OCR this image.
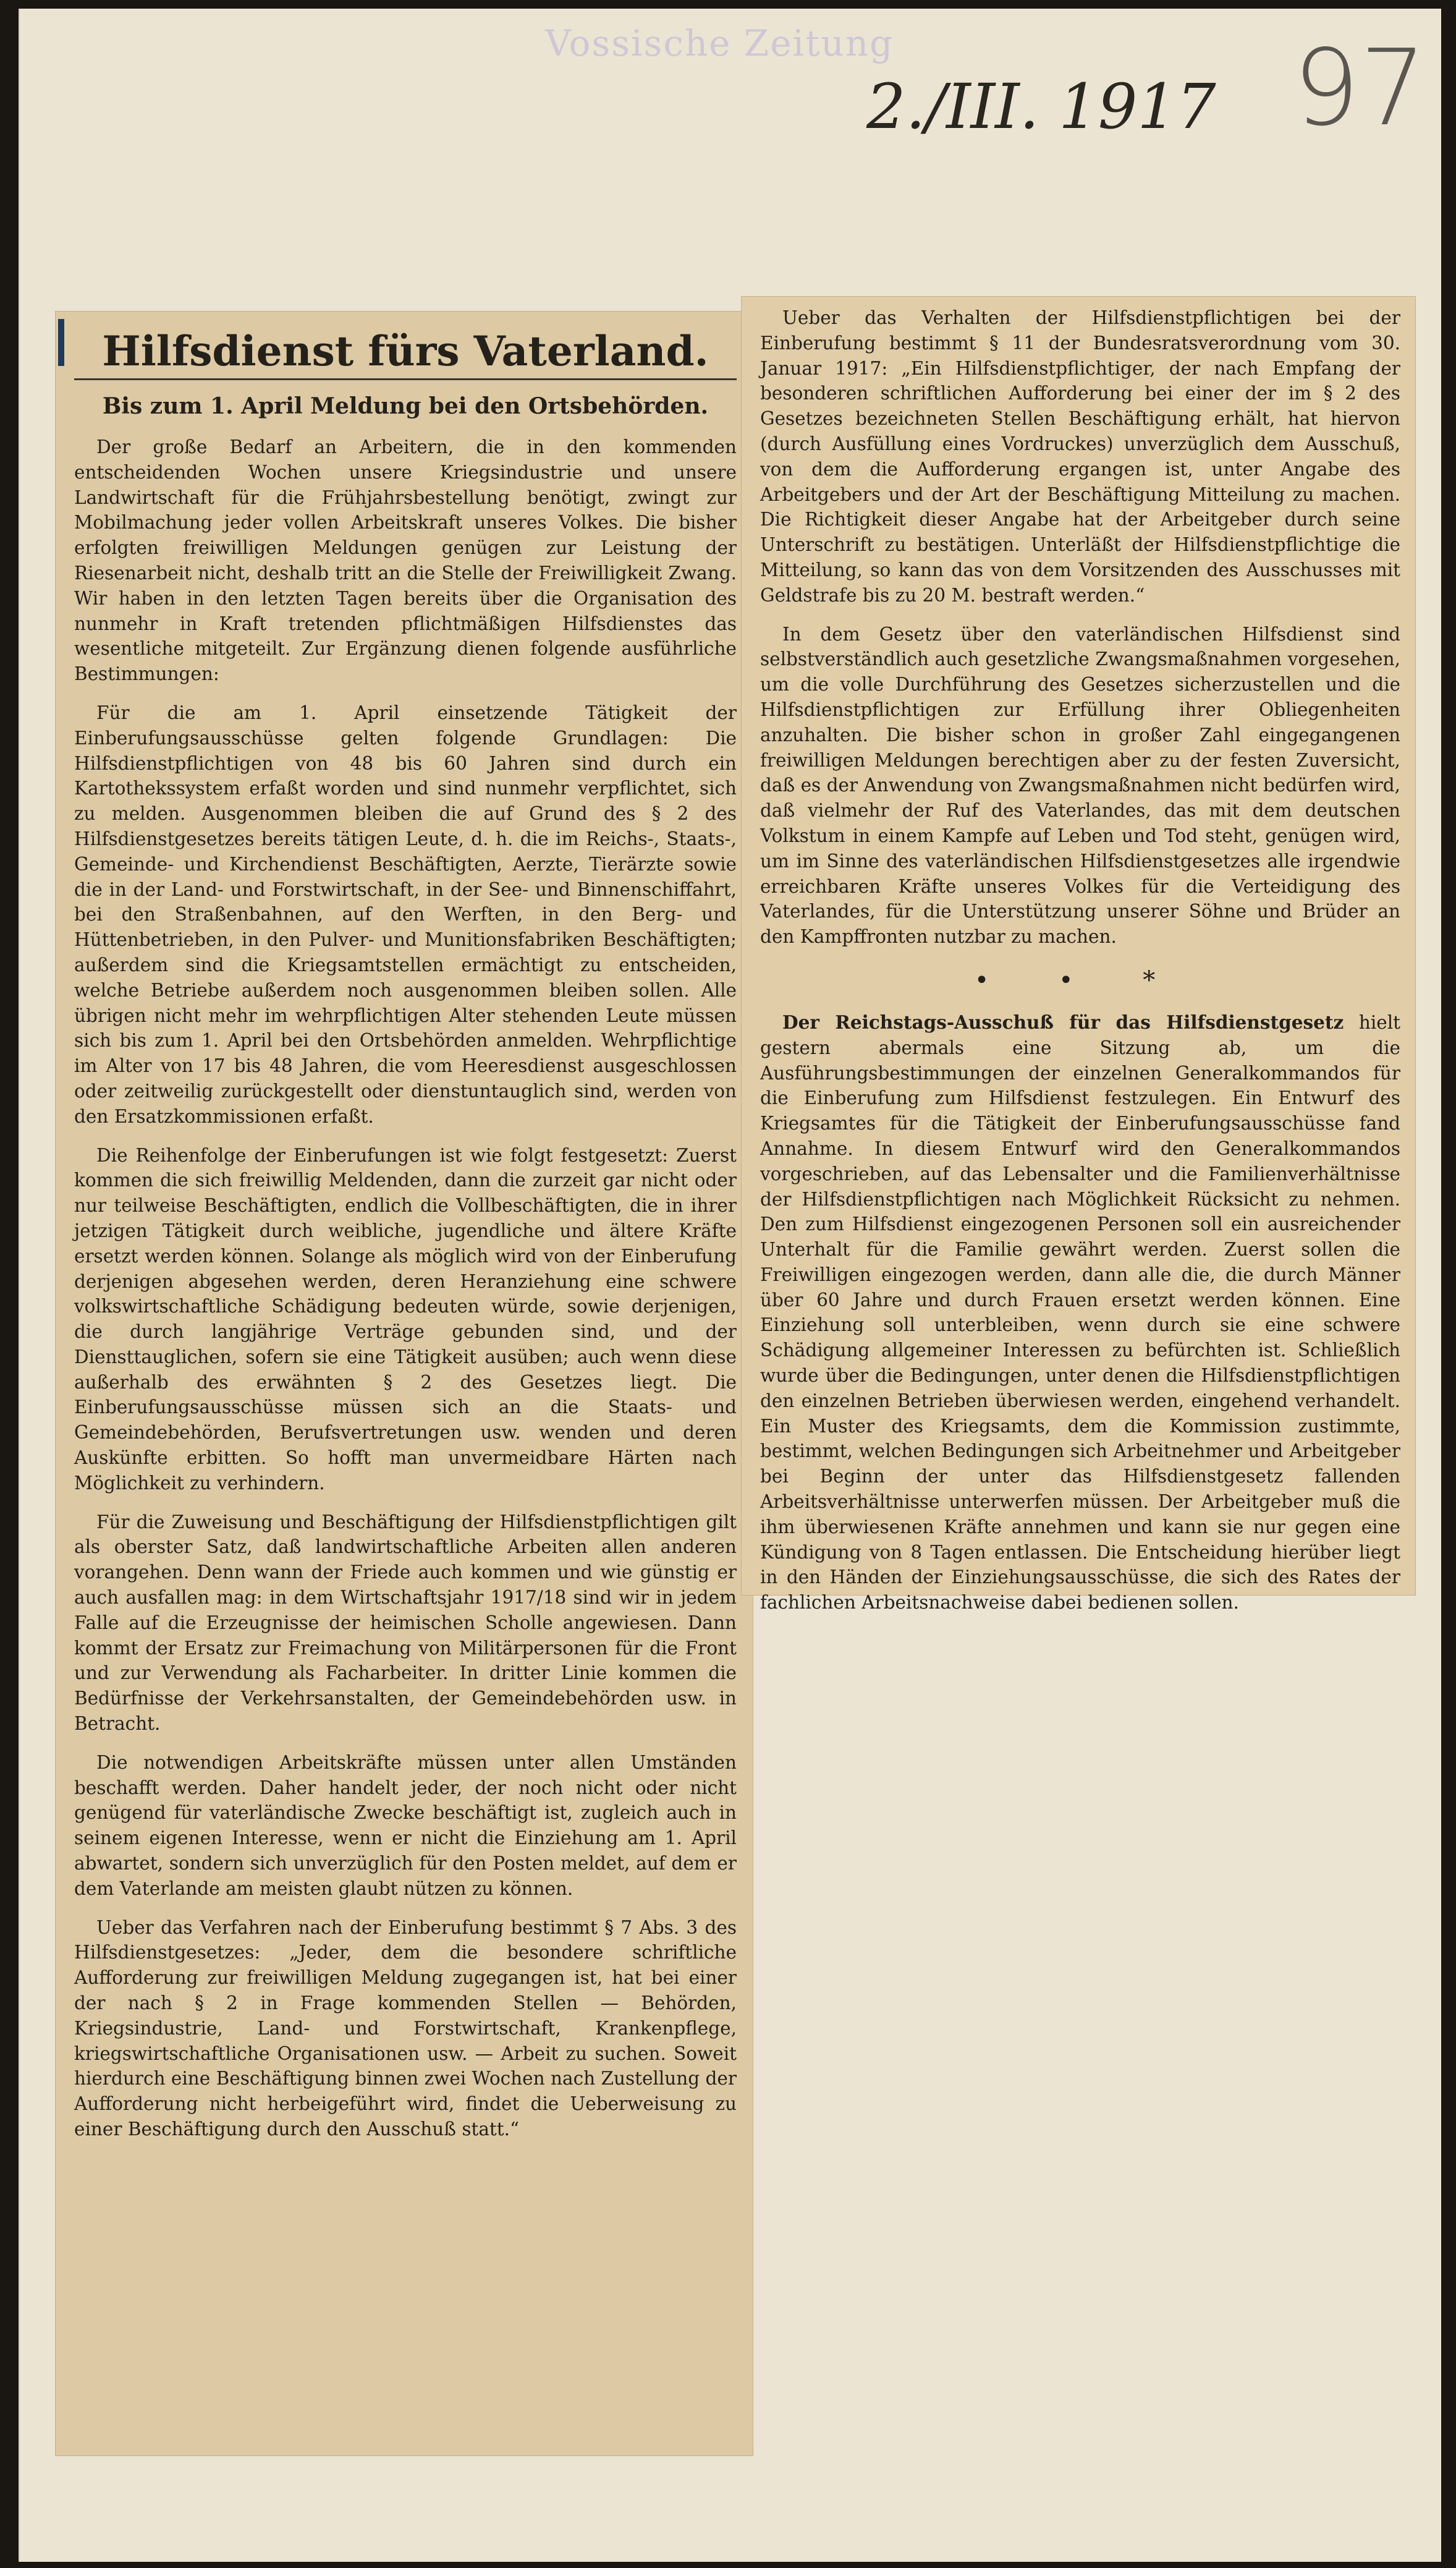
Vossische Zeitung
2./III. 1917 97
Hilfsdienst fürs Vaterland.
Bis zum 1. April Meldung bei den Ortsbehörden.

Der große Bedarf an Arbeitern, die in den kommenden entscheidenden Wochen unsere Kriegsindustrie und unsere Landwirtschaft für die Frühjahrsbestellung benötigt, zwingt zur Mobilmachung jeder vollen Arbeitskraft unseres Volkes. Die bisher erfolgten freiwilligen Meldungen genügen zur Leistung der Riesenarbeit nicht, deshalb tritt an die Stelle der Freiwilligkeit Zwang. Wir haben in den letzten Tagen bereits über die Organisation des nunmehr in Kraft tretenden pflichtmäßigen Hilfsdienstes das wesentliche mitgeteilt. Zur Ergänzung dienen folgende ausführliche Bestimmungen:

Für die am 1. April einsetzende Tätigkeit der Einberufungsausschüsse gelten folgende Grundlagen: Die Hilfsdienstpflichtigen von 48 bis 60 Jahren sind durch ein Kartothekssystem erfaßt worden und sind nunmehr verpflichtet, sich zu melden. Ausgenommen bleiben die auf Grund des § 2 des Hilfsdienstgesetzes bereits tätigen Leute, d. h. die im Reichs-, Staats-, Gemeinde- und Kirchendienst Beschäftigten, Aerzte, Tierärzte sowie die in der Land- und Forstwirtschaft, in der See- und Binnenschiffahrt, bei den Straßenbahnen, auf den Werften, in den Berg- und Hüttenbetrieben, in den Pulver- und Munitionsfabriken Beschäftigten; außerdem sind die Kriegsamtstellen ermächtigt zu entscheiden, welche Betriebe außerdem noch ausgenommen bleiben sollen. Alle übrigen nicht mehr im wehrpflichtigen Alter stehenden Leute müssen sich bis zum 1. April bei den Ortsbehörden anmelden. Wehrpflichtige im Alter von 17 bis 48 Jahren, die vom Heeresdienst ausgeschlossen oder zeitweilig zurückgestellt oder dienstuntauglich sind, werden von den Ersatzkommissionen erfaßt.

Die Reihenfolge der Einberufungen ist wie folgt festgesetzt: Zuerst kommen die sich freiwillig Meldenden, dann die zurzeit gar nicht oder nur teilweise Beschäftigten, endlich die Vollbeschäftigten, die in ihrer jetzigen Tätigkeit durch weibliche, jugendliche und ältere Kräfte ersetzt werden können. Solange als möglich wird von der Einberufung derjenigen abgesehen werden, deren Heranziehung eine schwere volkswirtschaftliche Schädigung bedeuten würde, sowie derjenigen, die durch langjährige Verträge gebunden sind, und der Diensttauglichen, sofern sie eine Tätigkeit ausüben; auch wenn diese außerhalb des erwähnten § 2 des Gesetzes liegt. Die Einberufungsausschüsse müssen sich an die Staats- und Gemeindebehörden, Berufsvertretungen usw. wenden und deren Auskünfte erbitten. So hofft man unvermeidbare Härten nach Möglichkeit zu verhindern.

Für die Zuweisung und Beschäftigung der Hilfsdienstpflichtigen gilt als oberster Satz, daß landwirtschaftliche Arbeiten allen anderen vorangehen. Denn wann der Friede auch kommen und wie günstig er auch ausfallen mag: in dem Wirtschaftsjahr 1917/18 sind wir in jedem Falle auf die Erzeugnisse der heimischen Scholle angewiesen. Dann kommt der Ersatz zur Freimachung von Militärpersonen für die Front und zur Verwendung als Facharbeiter. In dritter Linie kommen die Bedürfnisse der Verkehrsanstalten, der Gemeindebehörden usw. in Betracht.

Die notwendigen Arbeitskräfte müssen unter allen Umständen beschafft werden. Daher handelt jeder, der noch nicht oder nicht genügend für vaterländische Zwecke beschäftigt ist, zugleich auch in seinem eigenen Interesse, wenn er nicht die Einziehung am 1. April abwartet, sondern sich unverzüglich für den Posten meldet, auf dem er dem Vaterlande am meisten glaubt nützen zu können.

Ueber das Verfahren nach der Einberufung bestimmt § 7 Abs. 3 des Hilfsdienstgesetzes: „Jeder, dem die besondere schriftliche Aufforderung zur freiwilligen Meldung zugegangen ist, hat bei einer der nach § 2 in Frage kommenden Stellen — Behörden, Kriegsindustrie, Land- und Forstwirtschaft, Krankenpflege, kriegswirtschaftliche Organisationen usw. — Arbeit zu suchen. Soweit hierdurch eine Beschäftigung binnen zwei Wochen nach Zustellung der Aufforderung nicht herbeigeführt wird, findet die Ueberweisung zu einer Beschäftigung durch den Ausschuß statt.“

Ueber das Verhalten der Hilfsdienstpflichtigen bei der Einberufung bestimmt § 11 der Bundesratsverordnung vom 30. Januar 1917: „Ein Hilfsdienstpflichtiger, der nach Empfang der besonderen schriftlichen Aufforderung bei einer der im § 2 des Gesetzes bezeichneten Stellen Beschäftigung erhält, hat hiervon (durch Ausfüllung eines Vordruckes) unverzüglich dem Ausschuß, von dem die Aufforderung ergangen ist, unter Angabe des Arbeitgebers und der Art der Beschäftigung Mitteilung zu machen. Die Richtigkeit dieser Angabe hat der Arbeitgeber durch seine Unterschrift zu bestätigen. Unterläßt der Hilfsdienstpflichtige die Mitteilung, so kann das von dem Vorsitzenden des Ausschusses mit Geldstrafe bis zu 20 M. bestraft werden.“

In dem Gesetz über den vaterländischen Hilfsdienst sind selbstverständlich auch gesetzliche Zwangsmaßnahmen vorgesehen, um die volle Durchführung des Gesetzes sicherzustellen und die Hilfsdienstpflichtigen zur Erfüllung ihrer Obliegenheiten anzuhalten. Die bisher schon in großer Zahl eingegangenen freiwilligen Meldungen berechtigen aber zu der festen Zuversicht, daß es der Anwendung von Zwangsmaßnahmen nicht bedürfen wird, daß vielmehr der Ruf des Vaterlandes, das mit dem deutschen Volkstum in einem Kampfe auf Leben und Tod steht, genügen wird, um im Sinne des vaterländischen Hilfsdienstgesetzes alle irgendwie erreichbaren Kräfte unseres Volkes für die Verteidigung des Vaterlandes, für die Unterstützung unserer Söhne und Brüder an den Kampffronten nutzbar zu machen.

• • *

Der Reichstags-Ausschuß für das Hilfsdienstgesetz hielt gestern abermals eine Sitzung ab, um die Ausführungsbestimmungen der einzelnen Generalkommandos für die Einberufung zum Hilfsdienst festzulegen. Ein Entwurf des Kriegsamtes für die Tätigkeit der Einberufungsausschüsse fand Annahme. In diesem Entwurf wird den Generalkommandos vorgeschrieben, auf das Lebensalter und die Familienverhältnisse der Hilfsdienstpflichtigen nach Möglichkeit Rücksicht zu nehmen. Den zum Hilfsdienst eingezogenen Personen soll ein ausreichender Unterhalt für die Familie gewährt werden. Zuerst sollen die Freiwilligen eingezogen werden, dann alle die, die durch Männer über 60 Jahre und durch Frauen ersetzt werden können. Eine Einziehung soll unterbleiben, wenn durch sie eine schwere Schädigung allgemeiner Interessen zu befürchten ist. Schließlich wurde über die Bedingungen, unter denen die Hilfsdienstpflichtigen den einzelnen Betrieben überwiesen werden, eingehend verhandelt. Ein Muster des Kriegsamts, dem die Kommission zustimmte, bestimmt, welchen Bedingungen sich Arbeitnehmer und Arbeitgeber bei Beginn der unter das Hilfsdienstgesetz fallenden Arbeitsverhältnisse unterwerfen müssen. Der Arbeitgeber muß die ihm überwiesenen Kräfte annehmen und kann sie nur gegen eine Kündigung von 8 Tagen entlassen. Die Entscheidung hierüber liegt in den Händen der Einziehungsausschüsse, die sich des Rates der fachlichen Arbeitsnachweise dabei bedienen sollen.
